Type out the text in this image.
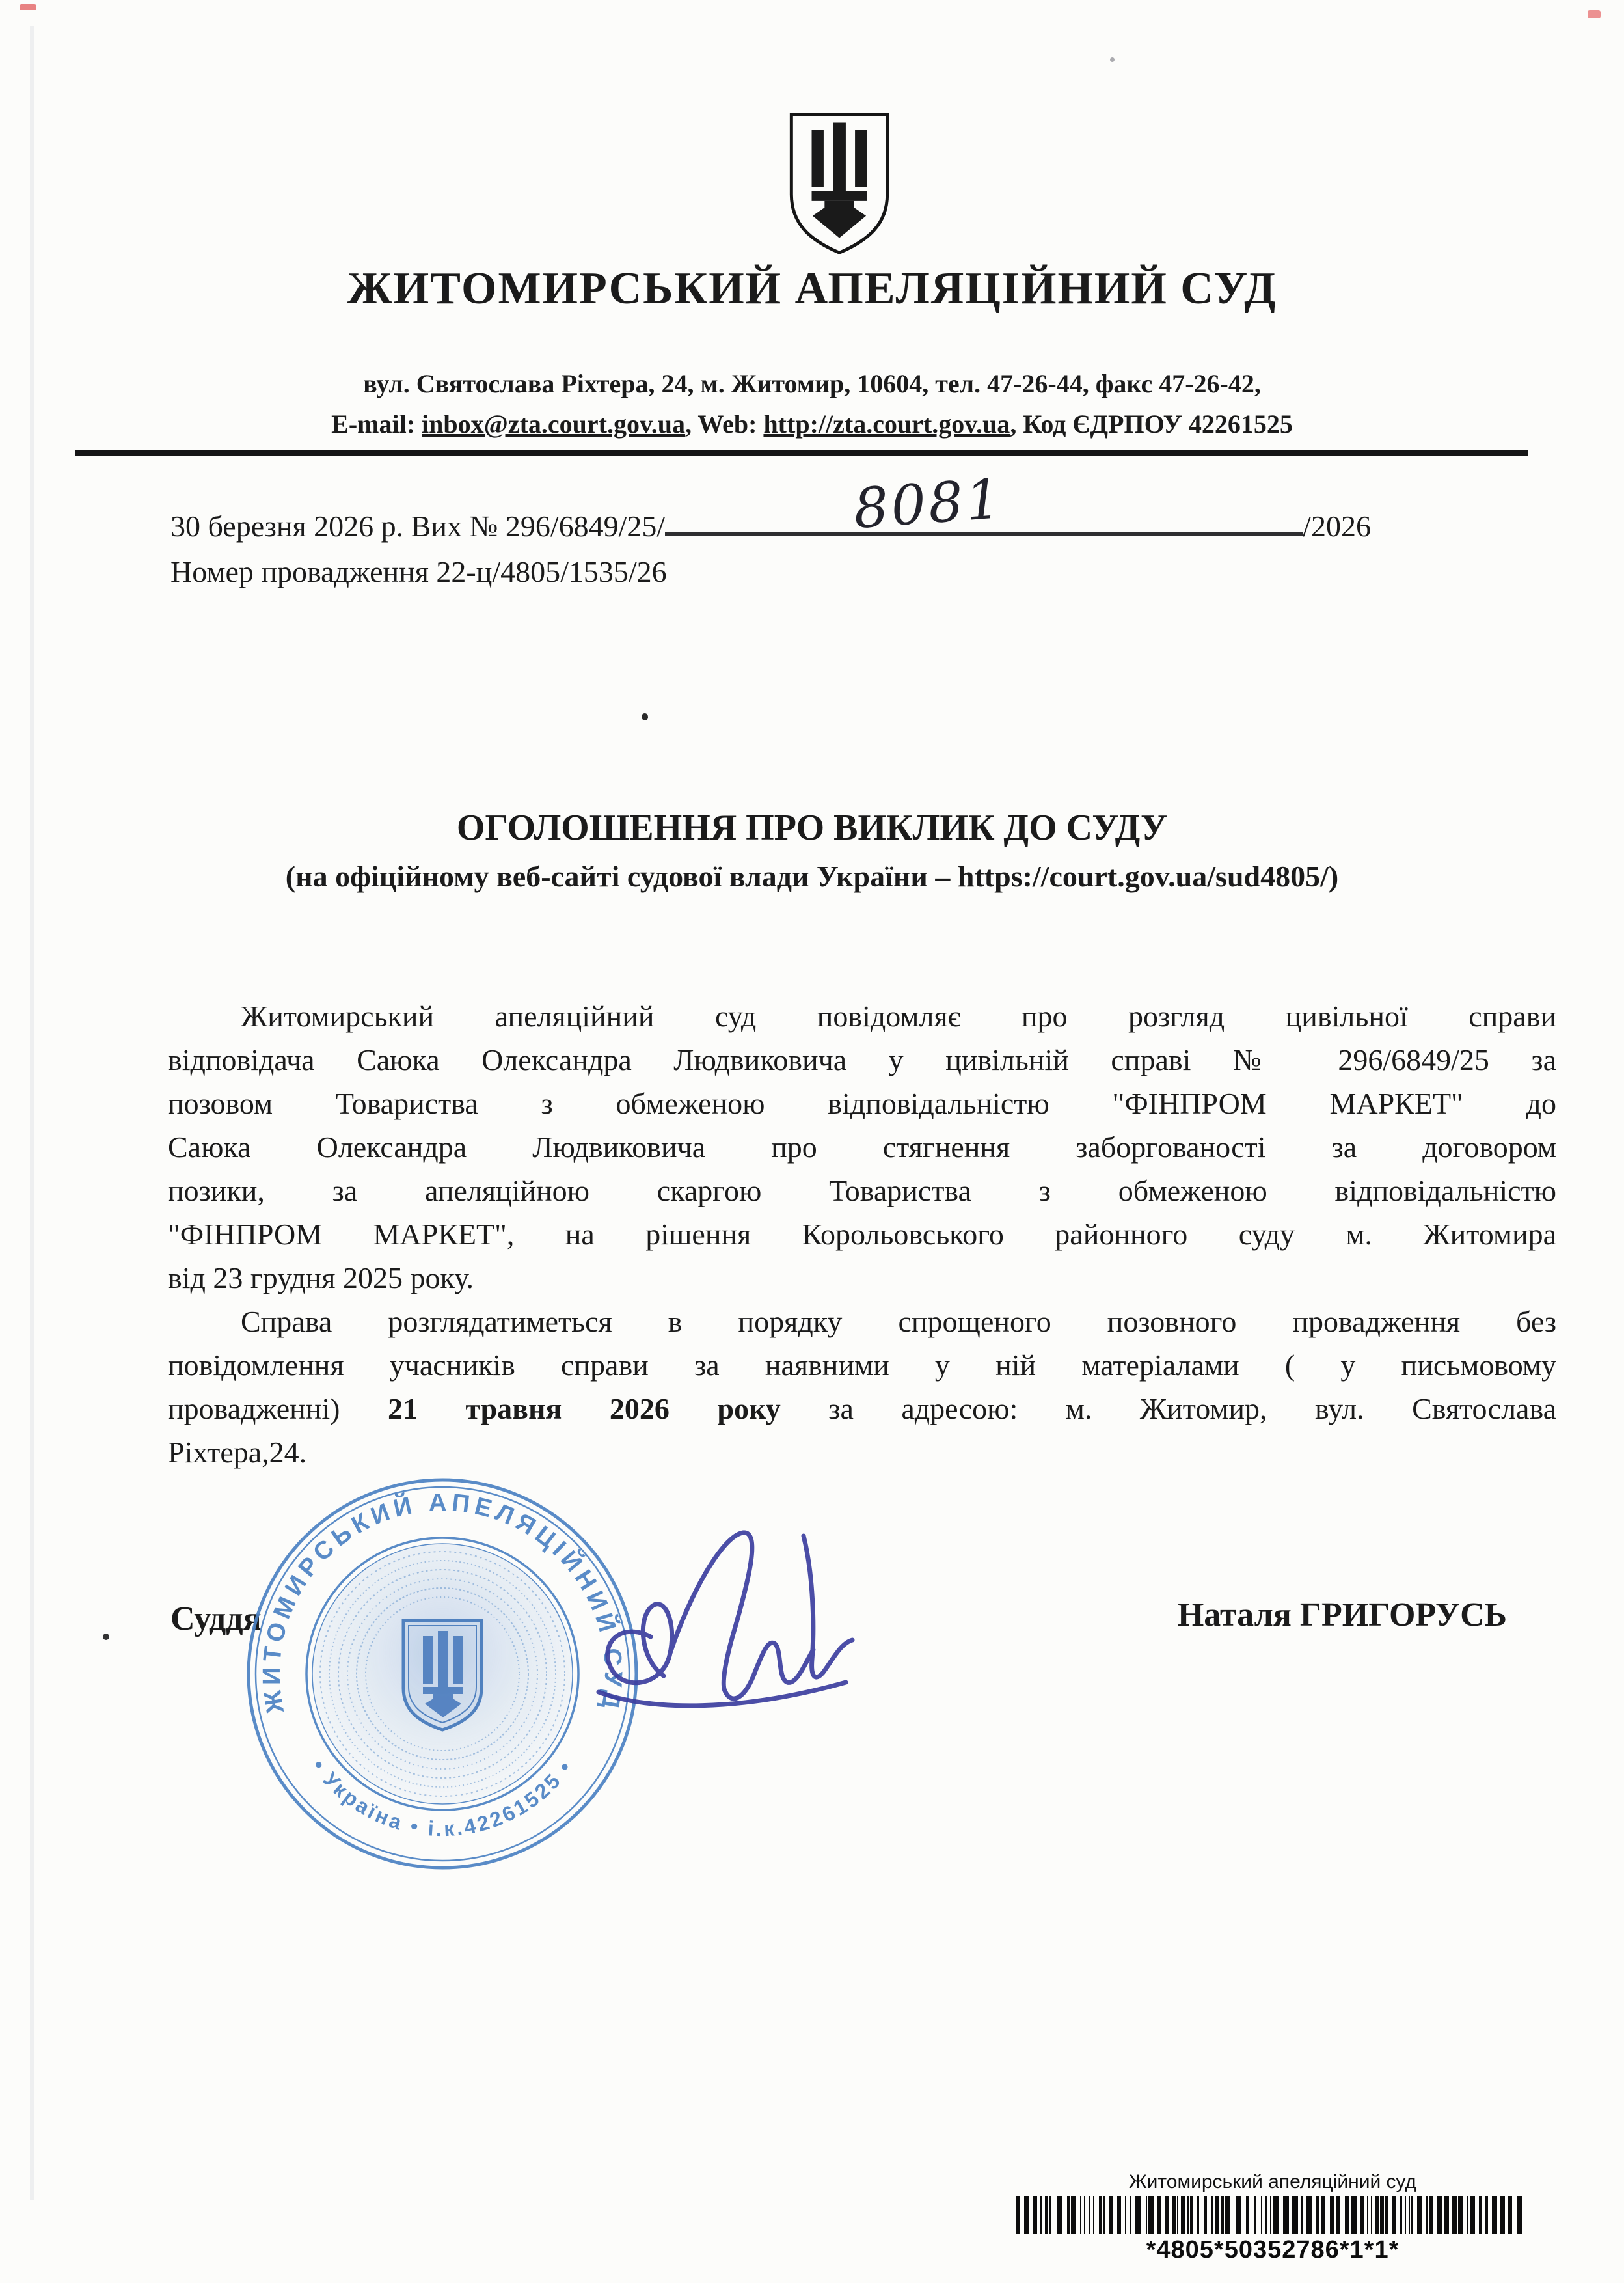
ЖИТОМИРСЬКИЙ АПЕЛЯЦІЙНИЙ СУД
вул. Святослава Ріхтера, 24, м. Житомир, 10604, тел. 47-26-44, факс 47-26-42,
E-mail: inbox@zta.court.gov.ua, Web: http://zta.court.gov.ua, Код ЄДРПОУ 42261525
30 березня 2026 р. Вих № 296/6849/25/	8081	/2026
Номер провадження 22-ц/4805/1535/26
ОГОЛОШЕННЯ ПРО ВИКЛИК ДО СУДУ
(на офіційному веб-сайті судової влади України – https://court.gov.ua/sud4805/)
Житомирський апеляційний суд повідомляє про розгляд цивільної справи
відповідача Саюка Олександра Людвиковича у цивільній справі № 296/6849/25 за
позовом Товариства з обмеженою відповідальністю "ФІНПРОМ МАРКЕТ" до
Саюка Олександра Людвиковича про стягнення заборгованості за договором
позики, за апеляційною скаргою Товариства з обмеженою відповідальністю
"ФІНПРОМ МАРКЕТ", на рішення Корольовського районного суду м. Житомира
від 23 грудня 2025 року.
Справа розглядатиметься в порядку спрощеного позовного провадження без
повідомлення учасників справи за наявними у ній матеріалами ( у письмовому
провадженні) 21 травня 2026 року за адресою: м. Житомир, вул. Святослава
Ріхтера,24.
Суддя	Наталя ГРИГОРУСЬ
ЖИТОМИРСЬКИЙ АПЕЛЯЦІЙНИЙ СУД
• Україна • і.к.42261525 •
Житомирський апеляційний суд
*4805*50352786*1*1*
